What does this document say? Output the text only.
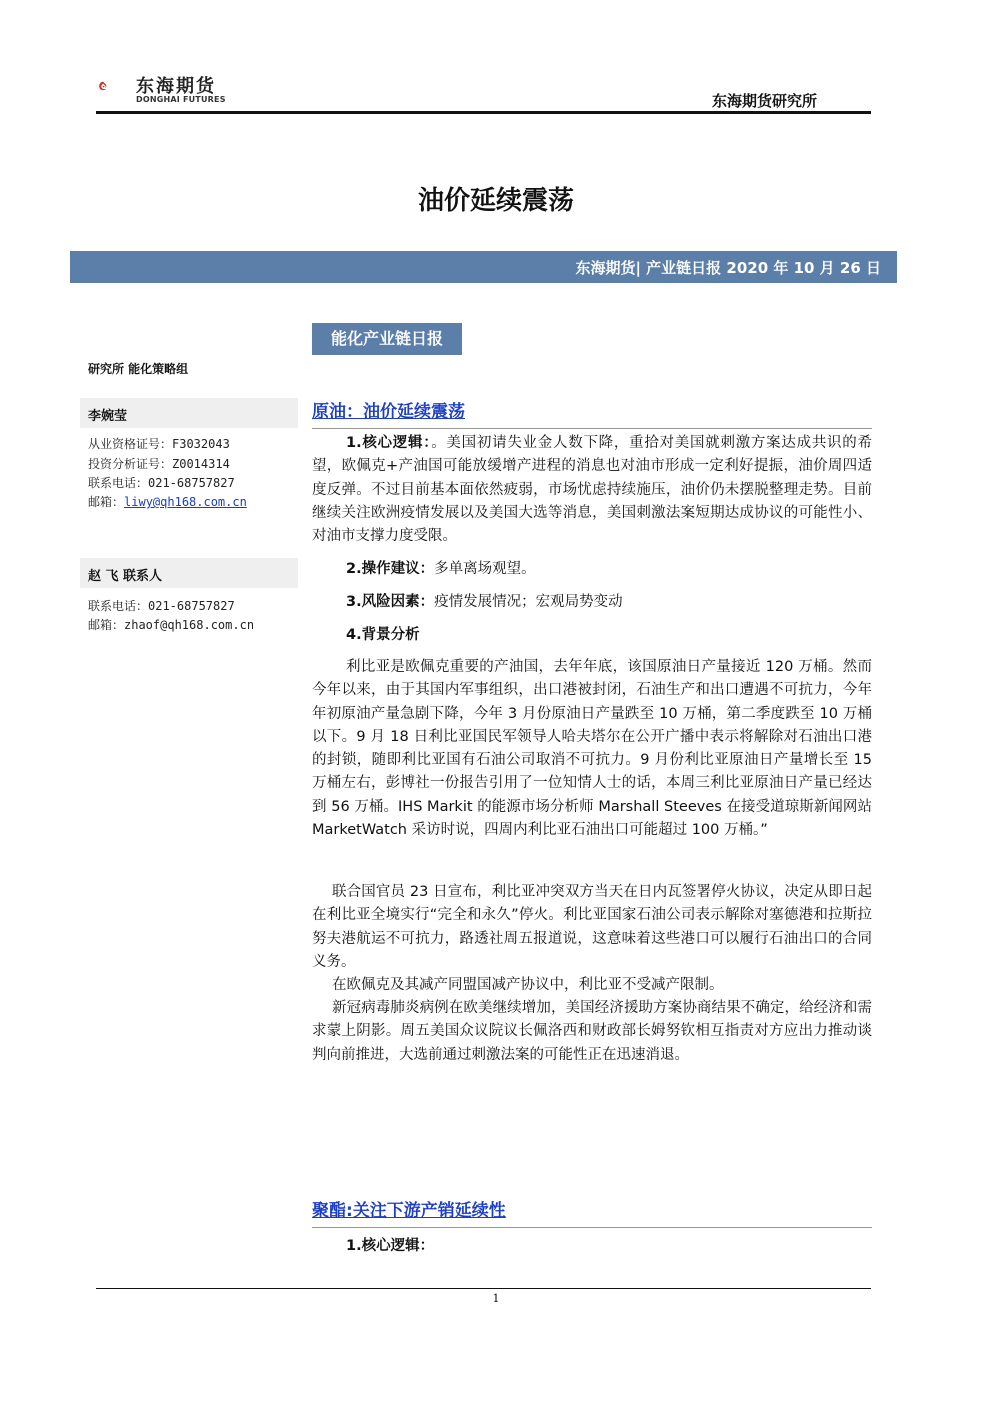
东海期货
DONGHAI FUTURES	东海期货研究所
油价延续震荡
东海期货| 产业链日报 2020 年 10 月 26 日
能化产业链日报
研究所 能化策略组
李婉莹
从业资格证号：F3032043
投资分析证号：Z0014314
联系电话：021-68757827
邮箱：liwy@qh168.com.cn
赵 飞 联系人
联系电话：021-68757827
邮箱：zhaof@qh168.com.cn
原油：油价延续震荡
1.核心逻辑：。美国初请失业金人数下降，重拾对美国就刺激方案达成共识的希望，欧佩克+产油国可能放缓增产进程的消息也对油市形成一定利好提振，油价周四适度反弹。不过目前基本面依然疲弱，市场忧虑持续施压，油价仍未摆脱整理走势。目前继续关注欧洲疫情发展以及美国大选等消息，美国刺激法案短期达成协议的可能性小、对油市支撑力度受限。
2.操作建议：多单离场观望。
3.风险因素：疫情发展情况；宏观局势变动
4.背景分析
利比亚是欧佩克重要的产油国，去年年底，该国原油日产量接近 120 万桶。然而今年以来，由于其国内军事组织，出口港被封闭，石油生产和出口遭遇不可抗力，今年年初原油产量急剧下降，今年 3 月份原油日产量跌至 10 万桶，第二季度跌至 10 万桶以下。9 月 18 日利比亚国民军领导人哈夫塔尔在公开广播中表示将解除对石油出口港的封锁，随即利比亚国有石油公司取消不可抗力。9 月份利比亚原油日产量增长至 15 万桶左右，彭博社一份报告引用了一位知情人士的话，本周三利比亚原油日产量已经达到 56 万桶。IHS Markit 的能源市场分析师 Marshall Steeves 在接受道琼斯新闻网站 MarketWatch 采访时说，四周内利比亚石油出口可能超过 100 万桶。”
联合国官员 23 日宣布，利比亚冲突双方当天在日内瓦签署停火协议，决定从即日起在利比亚全境实行“完全和永久”停火。利比亚国家石油公司表示解除对塞德港和拉斯拉努夫港航运不可抗力，路透社周五报道说，这意味着这些港口可以履行石油出口的合同义务。
在欧佩克及其减产同盟国减产协议中，利比亚不受减产限制。
新冠病毒肺炎病例在欧美继续增加，美国经济援助方案协商结果不确定，给经济和需求蒙上阴影。周五美国众议院议长佩洛西和财政部长姆努钦相互指责对方应出力推动谈判向前推进，大选前通过刺激法案的可能性正在迅速消退。
聚酯:关注下游产销延续性
1.核心逻辑：
1
